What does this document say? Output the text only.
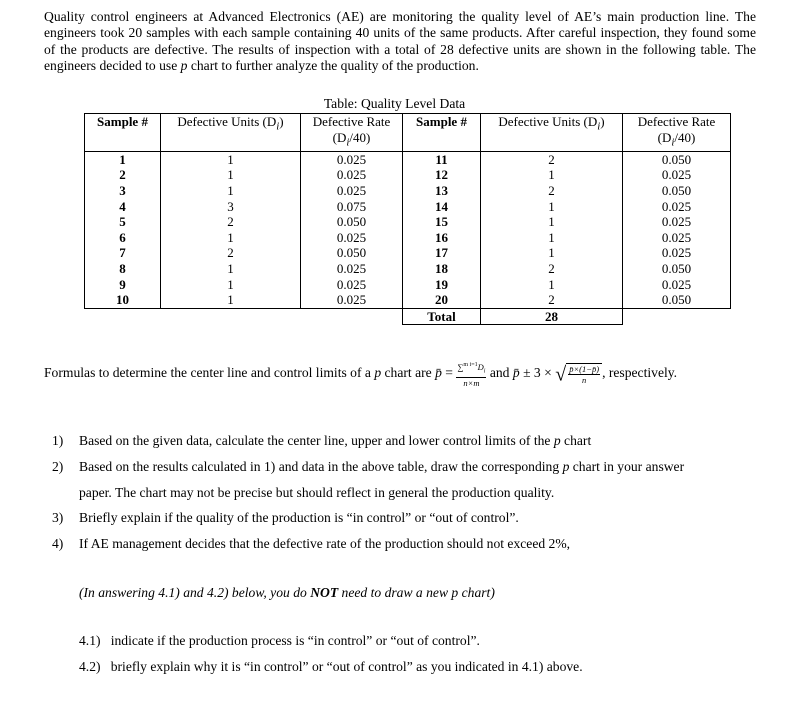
Quality control engineers at Advanced Electronics (AE) are monitoring the quality level of AE’s main production line. The engineers took 20 samples with each sample containing 40 units of the same products. After careful inspection, they found some of the products are defective. The results of inspection with a total of 28 defective units are shown in the following table. The engineers decided to use p chart to further analyze the quality of the production.
Table: Quality Level Data
Sample #	Defective Units $(D_i)$	Defective Rate
$(D_i/40)$	Sample #	Defective Units $(D_i)$	Defective Rate
$(D_i/40)$
1	1	0.025	11	2	0.050
2	1	0.025	12	1	0.025
3	1	0.025	13	2	0.050
4	3	0.075	14	1	0.025
5	2	0.050	15	1	0.025
6	1	0.025	16	1	0.025
7	2	0.050	17	1	0.025
8	1	0.025	18	2	0.050
9	1	0.025	19	1	0.025
10	1	0.025	20	2	0.050
			Total	28	
Formulas to determine the center line and control limits of a p chart are p̄ = $\frac{\sum^{m i=1}D_i}{n\times m}$ and p̄ ± 3 × √ $\frac{p̄\times(1-p̄)}{n}$ , respectively.
1) Based on the given data, calculate the center line, upper and lower control limits of the p chart
2) Based on the results calculated in 1) and data in the above table, draw the corresponding p chart in your answer
paper. The chart may not be precise but should reflect in general the production quality.
3) Briefly explain if the quality of the production is “in control” or “out of control”.
4) If AE management decides that the defective rate of the production should not exceed 2%,
(In answering 4.1) and 4.2) below, you do NOT need to draw a new p chart)
4.1) indicate if the production process is “in control” or “out of control”.
4.2) briefly explain why it is “in control” or “out of control” as you indicated in 4.1) above.
